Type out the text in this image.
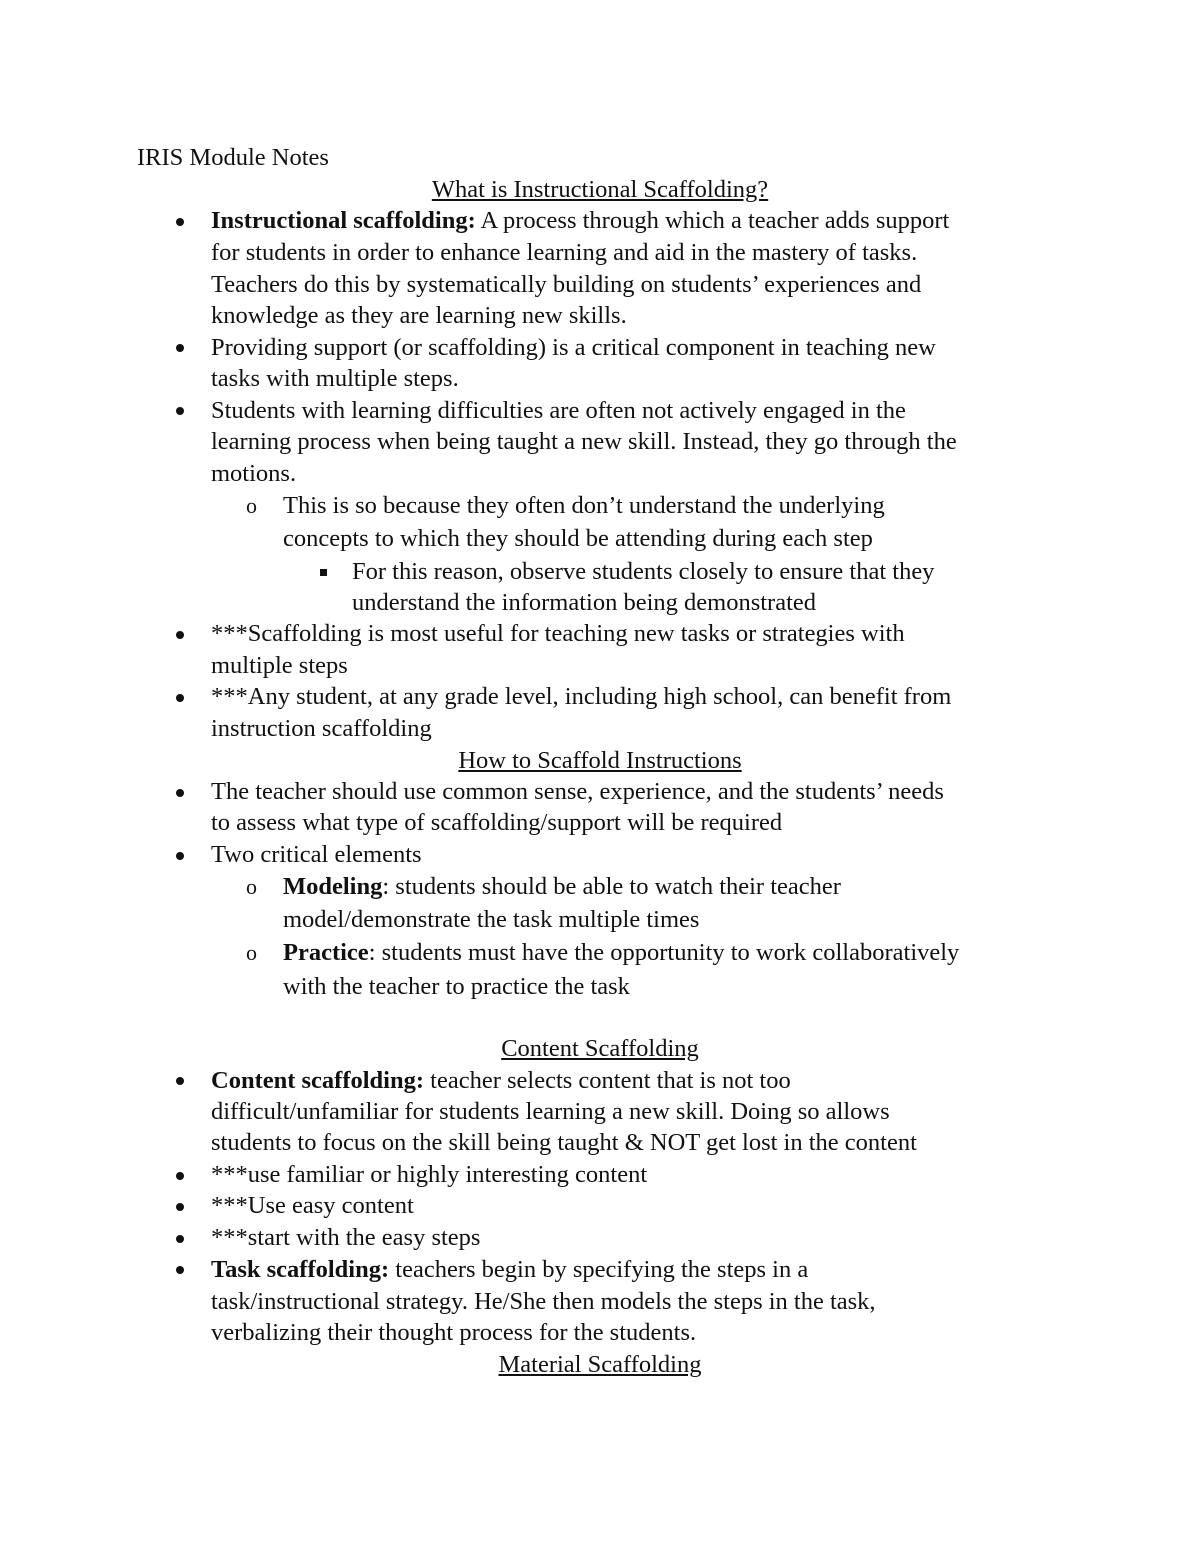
IRIS Module Notes
What is Instructional Scaffolding?
Instructional scaffolding: A process through which a teacher adds support
for students in order to enhance learning and aid in the mastery of tasks.
Teachers do this by systematically building on students’ experiences and
knowledge as they are learning new skills.
Providing support (or scaffolding) is a critical component in teaching new
tasks with multiple steps.
Students with learning difficulties are often not actively engaged in the
learning process when being taught a new skill. Instead, they go through the
motions.
o This is so because they often don’t understand the underlying
concepts to which they should be attending during each step
For this reason, observe students closely to ensure that they
understand the information being demonstrated
***Scaffolding is most useful for teaching new tasks or strategies with
multiple steps
***Any student, at any grade level, including high school, can benefit from
instruction scaffolding
How to Scaffold Instructions
The teacher should use common sense, experience, and the students’ needs
to assess what type of scaffolding/support will be required
Two critical elements
o Modeling: students should be able to watch their teacher
model/demonstrate the task multiple times
o Practice: students must have the opportunity to work collaboratively
with the teacher to practice the task
Content Scaffolding
Content scaffolding: teacher selects content that is not too
difficult/unfamiliar for students learning a new skill. Doing so allows
students to focus on the skill being taught & NOT get lost in the content
***use familiar or highly interesting content
***Use easy content
***start with the easy steps
Task scaffolding: teachers begin by specifying the steps in a
task/instructional strategy. He/She then models the steps in the task,
verbalizing their thought process for the students.
Material Scaffolding
